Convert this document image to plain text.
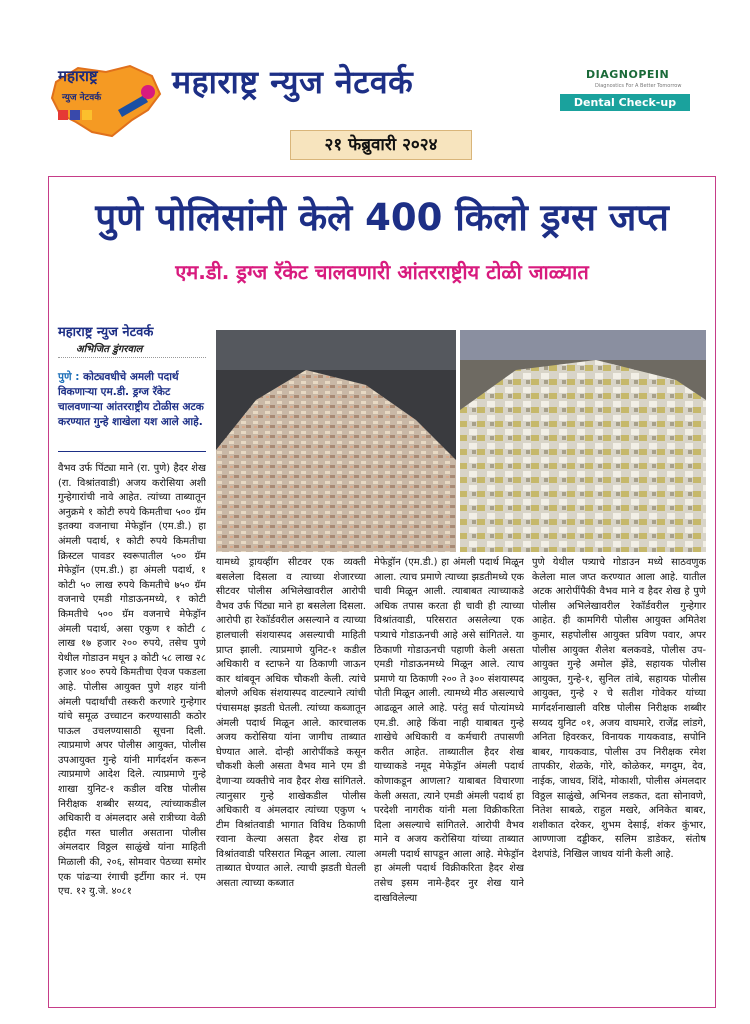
महाराष्ट्र
न्युज नेटवर्क महाराष्ट्र न्युज नेटवर्क	DIAGNOPEIN
Diagnostics For A Better Tomorrow
Dental Check-up ₹50/-
२१ फेब्रुवारी २०२४
पुणे पोलिसांनी केले 400 किलो ड्रग्स जप्त
एम.डी. ड्रग्ज रॅकेट चालवणारी आंतरराष्ट्रीय टोळी जाळ्यात
महाराष्ट्र न्युज नेटवर्क
अभिजित डुंगरवाल
पुणे : कोट्यवधीचे अमली पदार्थ विकणाऱ्या एम.डी. ड्रग्ज रॅकेट चालवणाऱ्या आंतरराष्ट्रीय टोळीस अटक करण्यात गुन्हे शाखेला यश आले आहे.
वैभव उर्फ पिंट्या माने (रा. पुणे) हैदर शेख (रा. विश्रांतवाडी) अजय करोसिया अशी गुन्हेगारांची नावे आहेत. त्यांच्या ताब्यातून अनुक्रमे १ कोटी रुपये किमतीचा ५०० ग्रॅम इतक्या वजनाचा मेफेड्रॉन (एम.डी.) हा अंमली पदार्थ, १ कोटी रुपये किमतीचा क्रिस्टल पावडर स्वरूपातील ५०० ग्रॅम मेफेड्रॉन (एम.डी.) हा अंमली पदार्थ, १ कोटी ५० लाख रुपये किमतीचे ७५० ग्रॅम वजनाचे एमडी गोडाऊनमध्ये, १ कोटी किमतीचे ५०० ग्रॅम वजनाचे मेफेड्रॉन अंमली पदार्थ, असा एकुण १ कोटी ८ लाख १७ हजार २०० रुपये, तसेच पुणे येथील गोडाउन मधून ३ कोटी ५८ लाख २८ हजार ४०० रुपये किमतीचा ऐवज पकडला आहे. पोलीस आयुक्त पुणे शहर यांनी अंमली पदार्थांची तस्करी करणारे गुन्हेगार यांचे समूळ उच्चाटन करण्यासाठी कठोर पाऊल उचलण्यासाठी सूचना दिली. त्याप्रमाणे अपर पोलीस आयुक्त, पोलीस उपआयुक्त गुन्हे यांनी मार्गदर्शन करून त्याप्रमाणे आदेश दिले. त्याप्रमाणे गुन्हे शाखा युनिट-१ कडील वरिष्ठ पोलीस निरीक्षक शब्बीर सय्यद, त्यांच्याकडील अधिकारी व अंमलदार असे रात्रीच्या वेळी हद्दीत गस्त घालीत असताना पोलीस अंमलदार विठ्ठल साळुंखे यांना माहिती मिळाली की, २०६, सोमवार पेठच्या समोर एक पांढऱ्या रंगाची इर्टीगा कार नं. एम एच. १२ यु.जे. ४०८१
यामध्ये ड्रायव्हींग सीटवर एक व्यक्ती बसलेला दिसला व त्याच्या शेजारच्या सीटवर पोलीस अभिलेखावरील आरोपी वैभव उर्फ पिंट्या माने हा बसलेला दिसला. आरोपी हा रेकॉर्डवरील असल्याने व त्याच्या हालचाली संशयास्पद असल्याची माहिती प्राप्त झाली. त्याप्रमाणे युनिट-१ कडील अधिकारी व स्टाफने या ठिकाणी जाऊन कार थांबवून अधिक चौकशी केली. त्यांचे बोलणे अधिक संशयास्पद वाटल्याने त्यांची पंचासमक्ष झडती घेतली. त्यांच्या कब्जातून अंमली पदार्थ मिळून आले. कारचालक अजय करोसिया यांना जागीच ताब्यात घेण्यात आले. दोन्ही आरोपींकडे कसून चौकशी केली असता वैभव माने एम डी देणाऱ्या व्यक्तीचे नाव हैदर शेख सांगितले. त्यानुसार गुन्हे शाखेकडील पोलीस अधिकारी व अंमलदार त्यांच्या एकुण ५ टीम विश्रांतवाडी भागात विविध ठिकाणी रवाना केल्या असता हैदर शेख हा विश्रांतवाडी परिसरात मिळून आला. त्याला ताब्यात घेण्यात आले. त्याची झडती घेतली असता त्याच्या कब्जात
मेफेड्रॉन (एम.डी.) हा अंमली पदार्थ मिळून आला. त्याच प्रमाणे त्याच्या झडतीमध्ये एक चावी मिळून आली. त्याबाबत त्याच्याकडे अधिक तपास करता ही चावी ही त्याच्या विश्रांतवाडी, परिसरात असलेल्या एक पत्र्याचे गोडाऊनची आहे असे सांगितले. या ठिकाणी गोडाऊनची पहाणी केली असता एमडी गोडाऊनमध्ये मिळून आले. त्याच प्रमाणे या ठिकाणी २०० ते ३०० संशयास्पद पोती मिळून आली. त्यामध्ये मीठ असल्याचे आढळून आले आहे. परंतु सर्व पोत्यांमध्ये एम.डी. आहे किंवा नाही याबाबत गुन्हे शाखेचे अधिकारी व कर्मचारी तपासणी करीत आहेत. ताब्यातील हैदर शेख याच्याकडे नमूद मेफेड्रॉन अंमली पदार्थ कोणाकडून आणला? याबाबत विचारणा केली असता, त्याने एमडी अंमली पदार्थ हा परदेशी नागरीक यांनी मला विक्रीकरिता दिला असल्याचे सांगितले. आरोपी वैभव माने व अजय करोसिया यांच्या ताब्यात अमली पदार्थ सापडून आला आहे. मेफेड्रॉन हा अंमली पदार्थ विक्रीकरिता हैदर शेख तसेच इसम नामे-हैदर नुर शेख याने दाखविलेल्या
पुणे येथील पत्र्याचे गोडाउन मध्ये साठवणुक केलेला माल जप्त करण्यात आला आहे. यातील अटक आरोपींपैकी वैभव माने व हैदर शेख हे पुणे पोलीस अभिलेखावरील रेकॉर्डवरील गुन्हेगार आहेत. ही कामगिरी पोलीस आयुक्त अमितेश कुमार, सहपोलीस आयुक्त प्रविण पवार, अपर पोलीस आयुक्त शैलेश बलकवडे, पोलीस उप- आयुक्त गुन्हे अमोल झेंडे, सहायक पोलीस आयुक्त, गुन्हे-१, सुनिल तांबे, सहायक पोलीस आयुक्त, गुन्हे २ चे सतीश गोवेकर यांच्या मार्गदर्शनाखाली वरिष्ठ पोलीस निरीक्षक शब्बीर सय्यद युनिट ०१, अजय वाघमारे, राजेंद्र लांडगे, अनिता हिवरकर, विनायक गायकवाड, सपोनि बाबर, गायकवाड, पोलीस उप निरीक्षक रमेश तापकीर, शेळके, गोरे, कोळेकर, मगदुम, देव, नाईक, जाधव, शिंदे, मोकाशी, पोलीस अंमलदार विठ्ठल साळुंखे, अभिनव लडकत, दता सोनावणे, नितेश साबळे, राहुल मखरे, अनिकेत बाबर, शशीकात दरेकर, शुभम देसाई, शंकर कुंभार, आण्णाजा दड्डीकर, सलिम डाडेकर, संतोष देशपांडे, निखिल जाधव यांनी केली आहे.
